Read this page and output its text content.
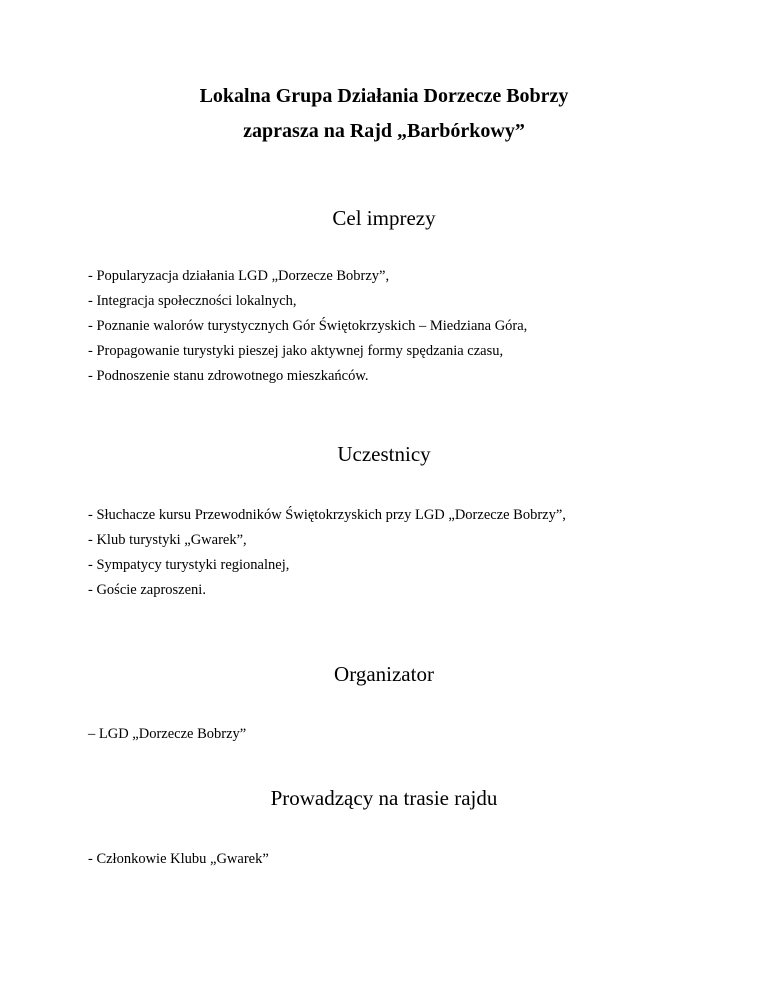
Lokalna Grupa Działania Dorzecze Bobrzy
zaprasza na Rajd „Barbórkowy”
Cel imprezy
- Popularyzacja działania LGD „Dorzecze Bobrzy”,
- Integracja społeczności lokalnych,
- Poznanie walorów turystycznych Gór Świętokrzyskich – Miedziana Góra,
- Propagowanie turystyki pieszej jako aktywnej formy spędzania czasu,
- Podnoszenie stanu zdrowotnego mieszkańców.
Uczestnicy
- Słuchacze kursu Przewodników Świętokrzyskich przy LGD „Dorzecze Bobrzy”,
- Klub turystyki „Gwarek”,
- Sympatycy turystyki regionalnej,
- Goście zaproszeni.
Organizator
– LGD „Dorzecze Bobrzy”
Prowadzący na trasie rajdu
- Członkowie Klubu „Gwarek”
